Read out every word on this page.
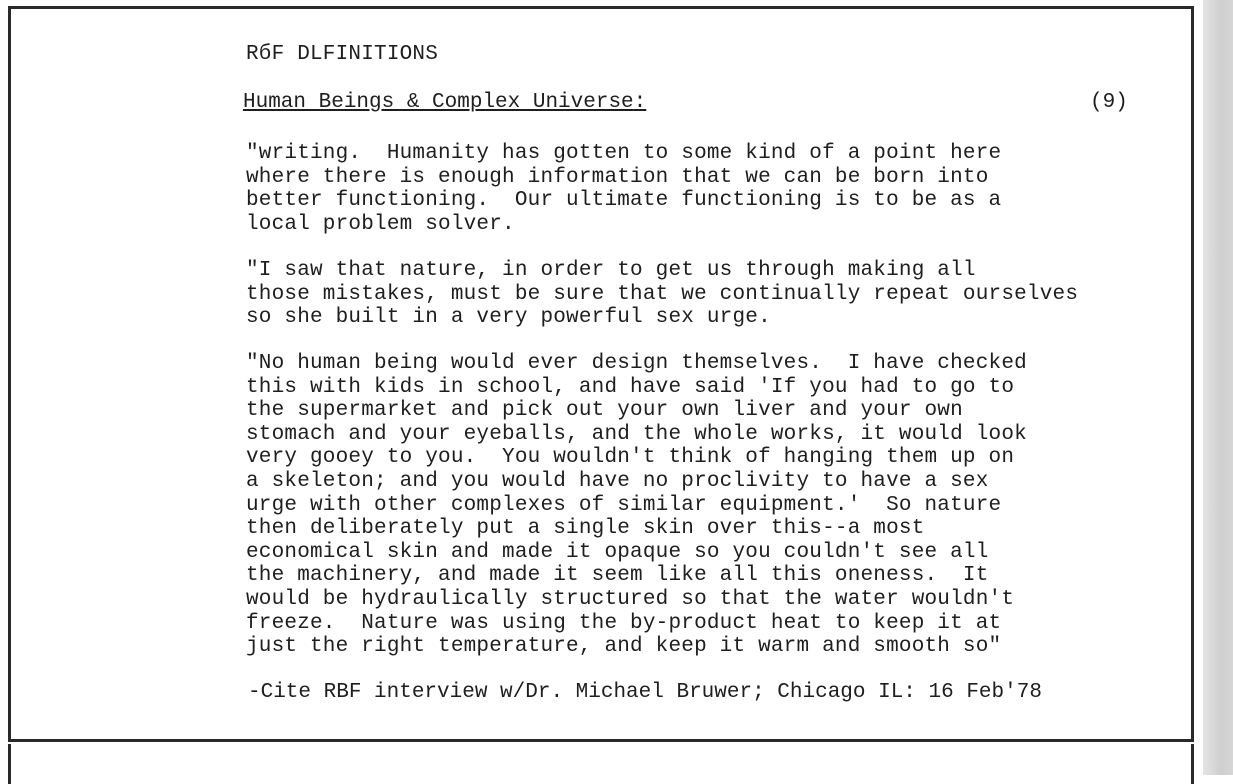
RбF DLFINITIONS
Human Beings & Complex Universe:	(9)
"writing.  Humanity has gotten to some kind of a point here
where there is enough information that we can be born into
better functioning.  Our ultimate functioning is to be as a
local problem solver.
"I saw that nature, in order to get us through making all
those mistakes, must be sure that we continually repeat ourselves
so she built in a very powerful sex urge.
"No human being would ever design themselves.  I have checked
this with kids in school, and have said 'If you had to go to
the supermarket and pick out your own liver and your own
stomach and your eyeballs, and the whole works, it would look
very gooey to you.  You wouldn't think of hanging them up on
a skeleton; and you would have no proclivity to have a sex
urge with other complexes of similar equipment.'  So nature
then deliberately put a single skin over this--a most
economical skin and made it opaque so you couldn't see all
the machinery, and made it seem like all this oneness.  It
would be hydraulically structured so that the water wouldn't
freeze.  Nature was using the by-product heat to keep it at
just the right temperature, and keep it warm and smooth so"
-Cite RBF interview w/Dr. Michael Bruwer; Chicago IL: 16 Feb'78
